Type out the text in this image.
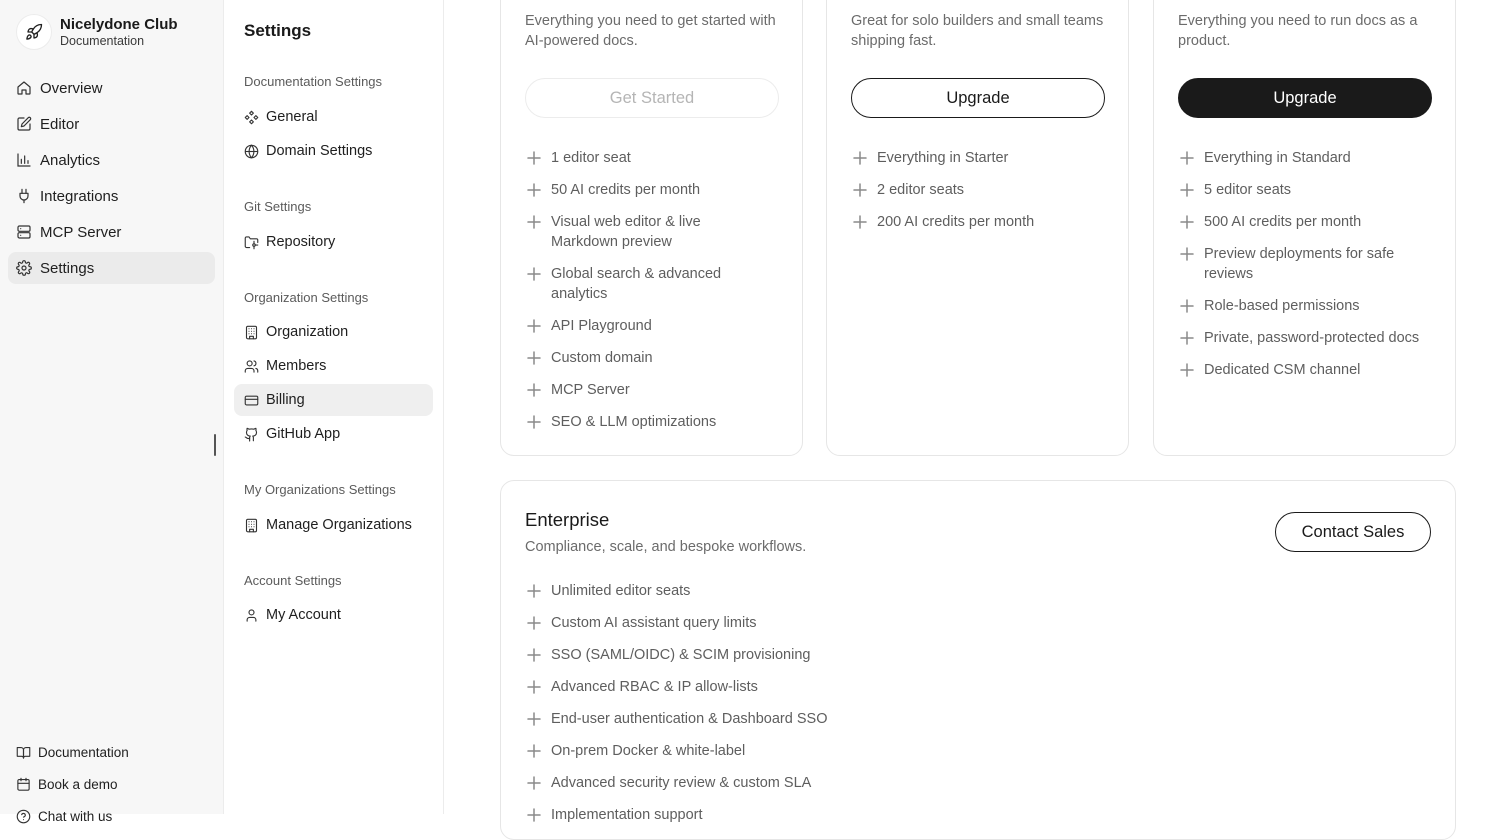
Nicelydone Club
Documentation
Overview
Editor
Analytics
Integrations
MCP Server
Settings
Documentation
Book a demo
Chat with us
Settings
Documentation Settings
General
Domain Settings
Git Settings
Repository
Organization Settings
Organization
Members
Billing
GitHub App
My Organizations Settings
Manage Organizations
Account Settings
My Account

Everything you need to get started with AI-powered docs.

Get Started
1 editor seat
50 AI credits per month
Visual web editor & live Markdown preview
Global search & advanced analytics
API Playground
Custom domain
MCP Server
SEO & LLM optimizations

Great for solo builders and small teams shipping fast.

Upgrade
Everything in Starter
2 editor seats
200 AI credits per month

Everything you need to run docs as a product.

Upgrade
Everything in Standard
5 editor seats
500 AI credits per month
Preview deployments for safe reviews
Role-based permissions
Private, password-protected docs
Dedicated CSM channel
Enterprise

Compliance, scale, and bespoke workflows.

Contact Sales
Unlimited editor seats
Custom AI assistant query limits
SSO (SAML/OIDC) & SCIM provisioning
Advanced RBAC & IP allow-lists
End-user authentication & Dashboard SSO
On-prem Docker & white-label
Advanced security review & custom SLA
Implementation support
